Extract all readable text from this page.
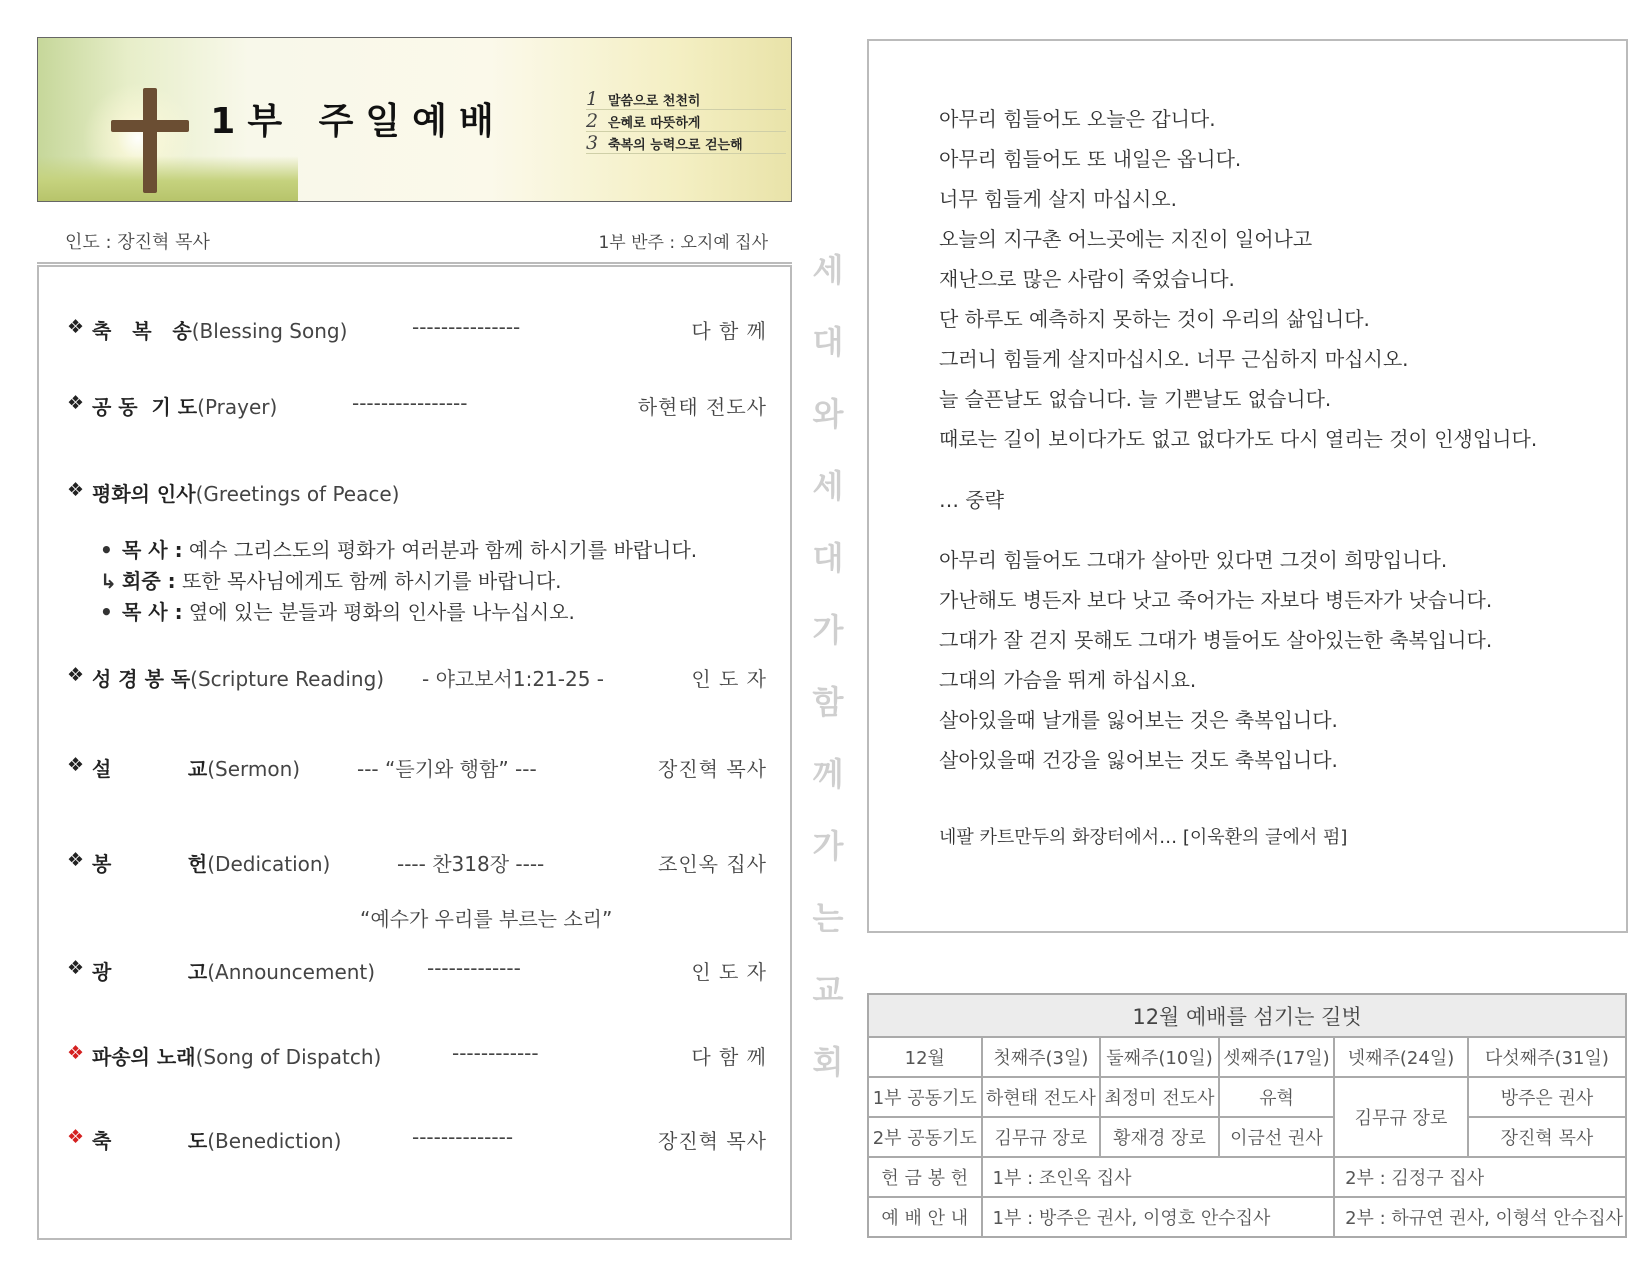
1부 주일예배
1 말씀으로 천천히
2 은혜로 따뜻하게
3 축복의 능력으로 걷는해
인도 : 장진혁 목사	1부 반주 : 오지예 집사
❖ 축   복   송(Blessing Song)	---------------	다 함 께
❖ 공 동  기 도(Prayer)	----------------	하현태 전도사
❖ 평화의 인사(Greetings of Peace)
• 목 사 : 예수 그리스도의 평화가 여러분과 함께 하시기를 바랍니다.
↳ 회중 : 또한 목사님에게도 함께 하시기를 바랍니다.
• 목 사 : 옆에 있는 분들과 평화의 인사를 나누십시오.
❖ 성 경 봉 독(Scripture Reading) - 야고보서1:21-25 -	인 도 자
❖ 설           교(Sermon)	--- “듣기와 행함” ---	장진혁 목사
❖ 봉           헌(Dedication)	---- 찬318장 ----	조인옥 집사
“예수가 우리를 부르는 소리”
❖ 광           고(Announcement)	-------------	인 도 자
❖ 파송의 노래(Song of Dispatch)	------------	다 함 께
❖ 축           도(Benediction)	--------------	장진혁 목사
세
대
와
세
대
가
함
께
가
는
교
회
아무리 힘들어도 오늘은 갑니다.
아무리 힘들어도 또 내일은 옵니다.
너무 힘들게 살지 마십시오.
오늘의 지구촌 어느곳에는 지진이 일어나고
재난으로 많은 사람이 죽었습니다.
단 하루도 예측하지 못하는 것이 우리의 삶입니다.
그러니 힘들게 살지마십시오. 너무 근심하지 마십시오.
늘 슬픈날도 없습니다. 늘 기쁜날도 없습니다.
때로는 길이 보이다가도 없고 없다가도 다시 열리는 것이 인생입니다.
… 중략
아무리 힘들어도 그대가 살아만 있다면 그것이 희망입니다.
가난해도 병든자 보다 낫고 죽어가는 자보다 병든자가 낫습니다.
그대가 잘 걷지 못해도 그대가 병들어도 살아있는한 축복입니다.
그대의 가슴을 뛰게 하십시요.
살아있을때 날개를 잃어보는 것은 축복입니다.
살아있을때 건강을 잃어보는 것도 축복입니다.
네팔 카트만두의 화장터에서… [이욱환의 글에서 펌]
12월 예배를 섬기는 길벗					
12월	첫째주(3일)	둘째주(10일)	셋째주(17일)	넷째주(24일)	다섯째주(31일)
1부 공동기도	하현태 전도사	최정미 전도사	유혁	김무규 장로	방주은 권사
2부 공동기도	김무규 장로	황재경 장로	이금선 권사		장진혁 목사
헌 금 봉 헌	1부 : 조인옥 집사			2부 : 김정구 집사	
예 배 안 내	1부 : 방주은 권사, 이영호 안수집사			2부 : 하규연 권사, 이형석 안수집사	
